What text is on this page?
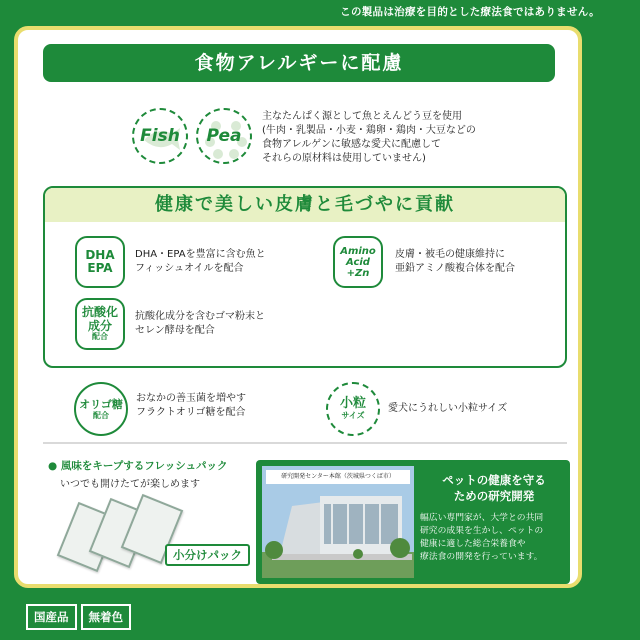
この製品は治療を目的とした療法食ではありません。
食物アレルギーに配慮
Fish Pea
主なたんぱく源として魚とえんどう豆を使用
(牛肉・乳製品・小麦・鶏卵・鶏肉・大豆などの
食物アレルゲンに敏感な愛犬に配慮して
それらの原材料は使用していません)
健康で美しい皮膚と毛づやに貢献
DHA
EPA
DHA・EPAを豊富に含む魚と
フィッシュオイルを配合
Amino
Acid
+Zn
皮膚・被毛の健康維持に
亜鉛アミノ酸複合体を配合
抗酸化
成分
配合
抗酸化成分を含むゴマ粉末と
セレン酵母を配合
オリゴ糖
配合
おなかの善玉菌を増やす
フラクトオリゴ糖を配合
小粒
サイズ
愛犬にうれしい小粒サイズ
● 風味をキープするフレッシュパック
いつでも開けたてが楽しめます
小分けパック
研究開発センター本館（茨城県つくば市）	ペットの健康を守る
ための研究開発
幅広い専門家が、大学との共同
研究の成果を生かし、ペットの
健康に適した総合栄養食や
療法食の開発を行っています。
国産品	無着色
